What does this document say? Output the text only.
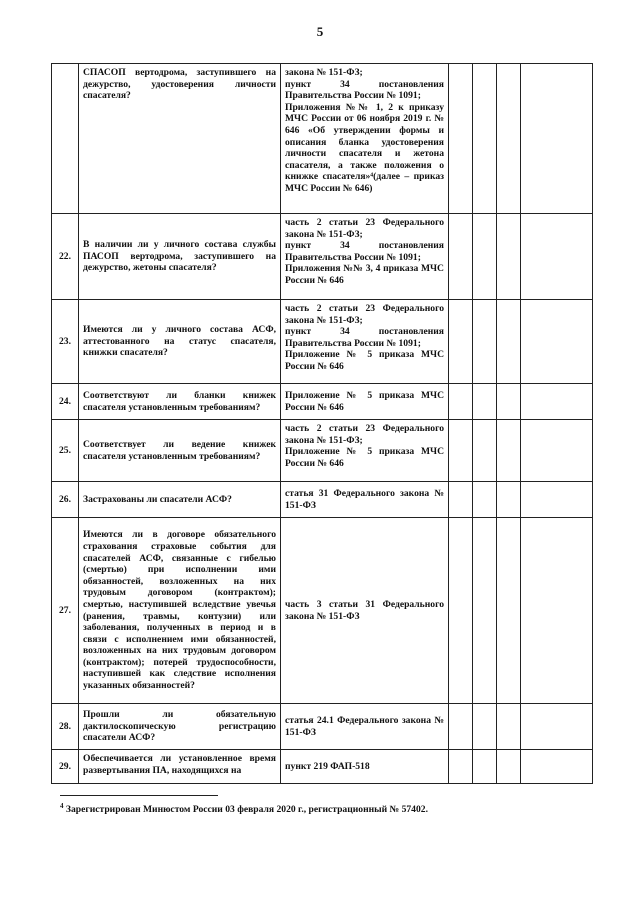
5
	СПАСОП вертодрома, заступившего на дежурство, удостоверения личности спасателя?	закона № 151-ФЗ;
пункт 34 постановления Правительства России № 1091;
Приложения №№ 1, 2 к приказу МЧС России от 06 ноября 2019 г. № 646 «Об утверждении формы и описания бланка удостоверения личности спасателя и жетона спасателя, а также положения о книжке спасателя»⁴(далее – приказ МЧС России № 646)				
22.	В наличии ли у личного состава службы ПАСОП вертодрома, заступившего на дежурство, жетоны спасателя?	часть 2 статьи 23 Федерального закона № 151-ФЗ;
пункт 34 постановления Правительства России № 1091;
Приложения №№ 3, 4 приказа МЧС России № 646				
23.	Имеются ли у личного состава АСФ, аттестованного на статус спасателя, книжки спасателя?	часть 2 статьи 23 Федерального закона № 151-ФЗ;
пункт 34 постановления Правительства России № 1091;
Приложение № 5 приказа МЧС России № 646				
24.	Соответствуют ли бланки книжек спасателя установленным требованиям?	Приложение № 5 приказа МЧС России № 646				
25.	Соответствует ли ведение книжек спасателя установленным требованиям?	часть 2 статьи 23 Федерального закона № 151-ФЗ;
Приложение № 5 приказа МЧС России № 646				
26.	Застрахованы ли спасатели АСФ?	статья 31 Федерального закона № 151-ФЗ				
27.	Имеются ли в договоре обязательного страхования страховые события для спасателей АСФ, связанные с гибелью (смертью) при исполнении ими обязанностей, возложенных на них трудовым договором (контрактом); смертью, наступившей вследствие увечья (ранения, травмы, контузии) или заболевания, полученных в период и в связи с исполнением ими обязанностей, возложенных на них трудовым договором (контрактом); потерей трудоспособности, наступившей как следствие исполнения указанных обязанностей?	часть 3 статьи 31 Федерального закона № 151-ФЗ				
28.	Прошли ли обязательную дактилоскопическую регистрацию спасатели АСФ?	статья 24.1 Федерального закона № 151-ФЗ				
29.	Обеспечивается ли установленное время развертывания ПА, находящихся на	пункт 219 ФАП-518				
$^4$ Зарегистрирован Минюстом России 03 февраля 2020 г., регистрационный № 57402.
